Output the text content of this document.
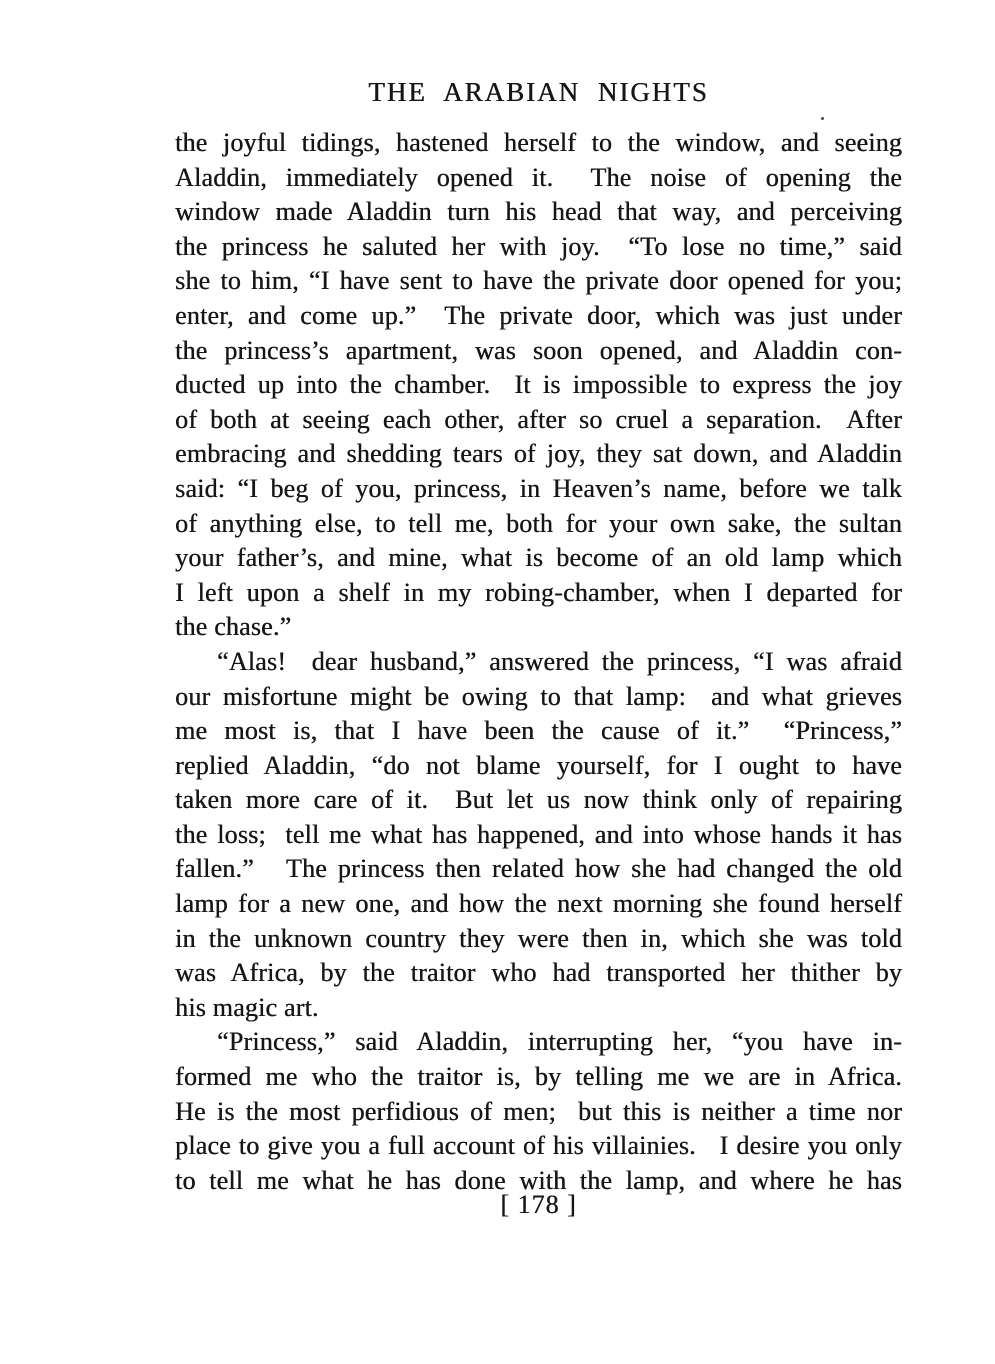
THE ARABIAN NIGHTS
the joyful tidings, hastened herself to the window, and seeing
Aladdin, immediately opened it.  The noise of opening the
window made Aladdin turn his head that way, and perceiving
the princess he saluted her with joy.  “To lose no time,” said
she to him, “I have sent to have the private door opened for you;
enter, and come up.”  The private door, which was just under
the princess’s apartment, was soon opened, and Aladdin con-
ducted up into the chamber.  It is impossible to express the joy
of both at seeing each other, after so cruel a separation.  After
embracing and shedding tears of joy, they sat down, and Aladdin
said: “I beg of you, princess, in Heaven’s name, before we talk
of anything else, to tell me, both for your own sake, the sultan
your father’s, and mine, what is become of an old lamp which
I left upon a shelf in my robing-chamber, when I departed for
the chase.”
“Alas!  dear husband,” answered the princess, “I was afraid
our misfortune might be owing to that lamp:  and what grieves
me most is, that I have been the cause of it.”  “Princess,”
replied Aladdin, “do not blame yourself, for I ought to have
taken more care of it.  But let us now think only of repairing
the loss;  tell me what has happened, and into whose hands it has
fallen.”   The princess then related how she had changed the old
lamp for a new one, and how the next morning she found herself
in the unknown country they were then in, which she was told
was Africa, by the traitor who had transported her thither by
his magic art.
“Princess,” said Aladdin, interrupting her, “you have in-
formed me who the traitor is, by telling me we are in Africa.
He is the most perfidious of men;  but this is neither a time nor
place to give you a full account of his villainies.   I desire you only
to tell me what he has done with the lamp, and where he has
[ 178 ]
